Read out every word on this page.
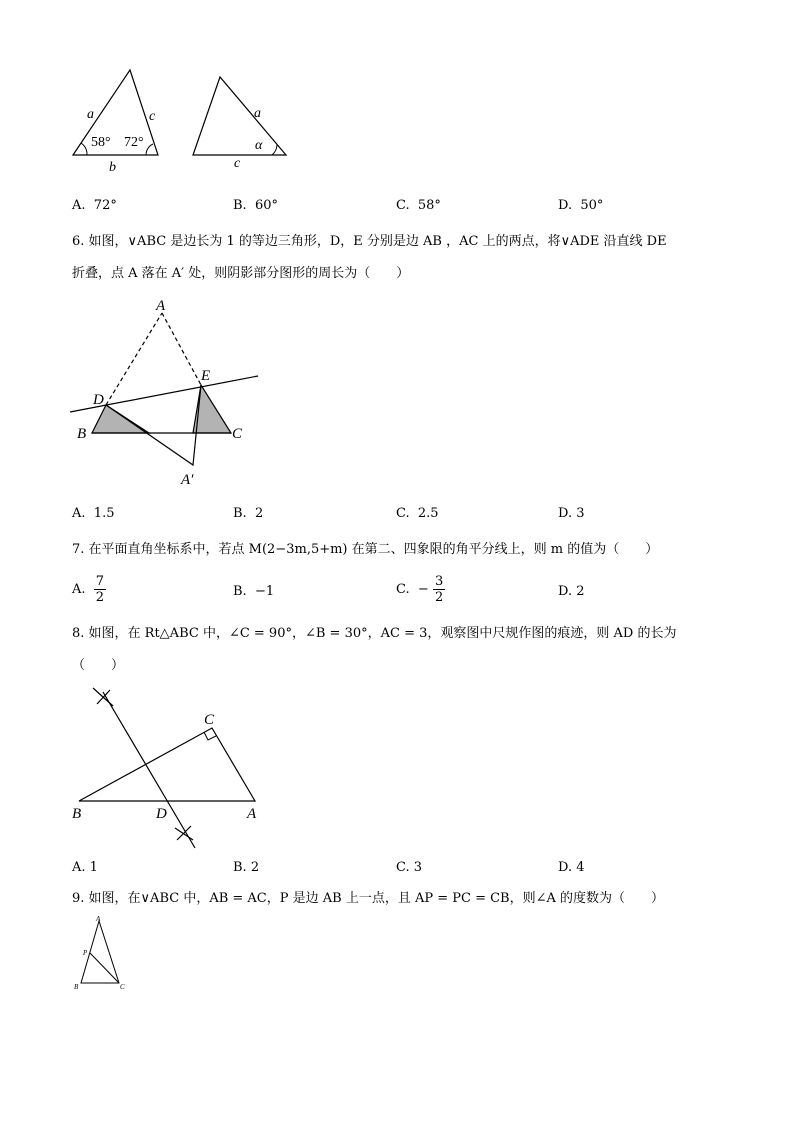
a	c
b
58° 72°
a
c
α
A. 72°	B. 60°	C. 58°	D. 50°
6. 如图，∨ABC 是边长为 1 的等边三角形，D，E 分别是边 AB ，AC 上的两点，将∨ADE 沿直线 DE
折叠，点 A 落在 A′ 处，则阴影部分图形的周长为（　　）
A
D
E
B	C
A′
A. 1.5	B. 2	C. 2.5	D. 3
7. 在平面直角坐标系中，若点 M(2−3m,5+m) 在第二、四象限的角平分线上，则 m 的值为（　　）
A. $\frac{7}{2}$	B. −1	C. − $\frac{3}{2}$	D. 2
8. 如图，在 Rt△ABC 中，∠C = 90°，∠B = 30°，AC = 3，观察图中尺规作图的痕迹，则 AD 的长为
（　　）
C
B	D	A
A. 1	B. 2	C. 3	D. 4
9. 如图，在∨ABC 中，AB = AC，P 是边 AB 上一点，且 AP = PC = CB，则∠A 的度数为（　　）
A
P
B	C
